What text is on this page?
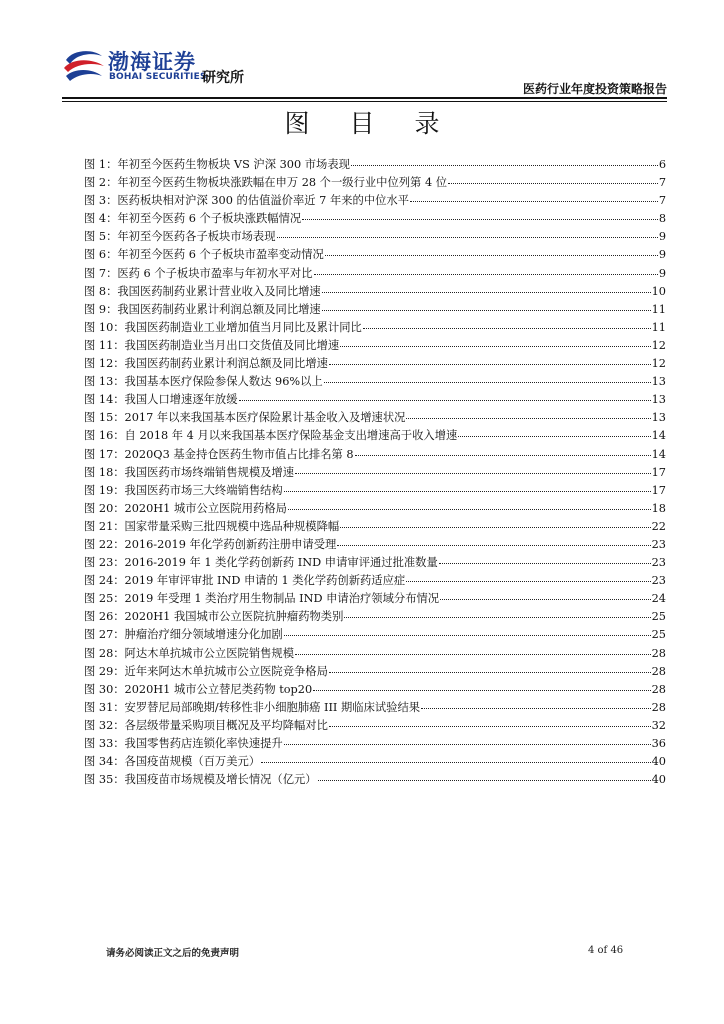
渤海证券
BOHAI SECURITIES
研究所
医药行业年度投资策略报告
图 目 录
图 1：年初至今医药生物板块 VS 沪深 300 市场表现	6
图 2：年初至今医药生物板块涨跌幅在申万 28 个一级行业中位列第 4 位	7
图 3：医药板块相对沪深 300 的估值溢价率近 7 年来的中位水平	7
图 4：年初至今医药 6 个子板块涨跌幅情况	8
图 5：年初至今医药各子板块市场表现	9
图 6：年初至今医药 6 个子板块市盈率变动情况	9
图 7：医药 6 个子板块市盈率与年初水平对比	9
图 8：我国医药制药业累计营业收入及同比增速	10
图 9：我国医药制药业累计利润总额及同比增速	11
图 10：我国医药制造业工业增加值当月同比及累计同比	11
图 11：我国医药制造业当月出口交货值及同比增速	12
图 12：我国医药制药业累计利润总额及同比增速	12
图 13：我国基本医疗保险参保人数达 96%以上	13
图 14：我国人口增速逐年放缓	13
图 15：2017 年以来我国基本医疗保险累计基金收入及增速状况	13
图 16：自 2018 年 4 月以来我国基本医疗保险基金支出增速高于收入增速	14
图 17：2020Q3 基金持仓医药生物市值占比排名第 8	14
图 18：我国医药市场终端销售规模及增速	17
图 19：我国医药市场三大终端销售结构	17
图 20：2020H1 城市公立医院用药格局	18
图 21：国家带量采购三批四规模中选品种规模降幅	22
图 22：2016-2019 年化学药创新药注册申请受理	23
图 23：2016-2019 年 1 类化学药创新药 IND 申请审评通过批准数量	23
图 24：2019 年审评审批 IND 申请的 1 类化学药创新药适应症	23
图 25：2019 年受理 1 类治疗用生物制品 IND 申请治疗领域分布情况	24
图 26：2020H1 我国城市公立医院抗肿瘤药物类别	25
图 27：肿瘤治疗细分领域增速分化加剧	25
图 28：阿达木单抗城市公立医院销售规模	28
图 29：近年来阿达木单抗城市公立医院竞争格局	28
图 30：2020H1 城市公立替尼类药物 top20	28
图 31：安罗替尼局部晚期/转移性非小细胞肺癌 III 期临床试验结果	28
图 32：各层级带量采购项目概况及平均降幅对比	32
图 33：我国零售药店连锁化率快速提升	36
图 34：各国疫苗规模（百万美元）	40
图 35：我国疫苗市场规模及增长情况（亿元）	40
请务必阅读正文之后的免责声明	4 of 46
